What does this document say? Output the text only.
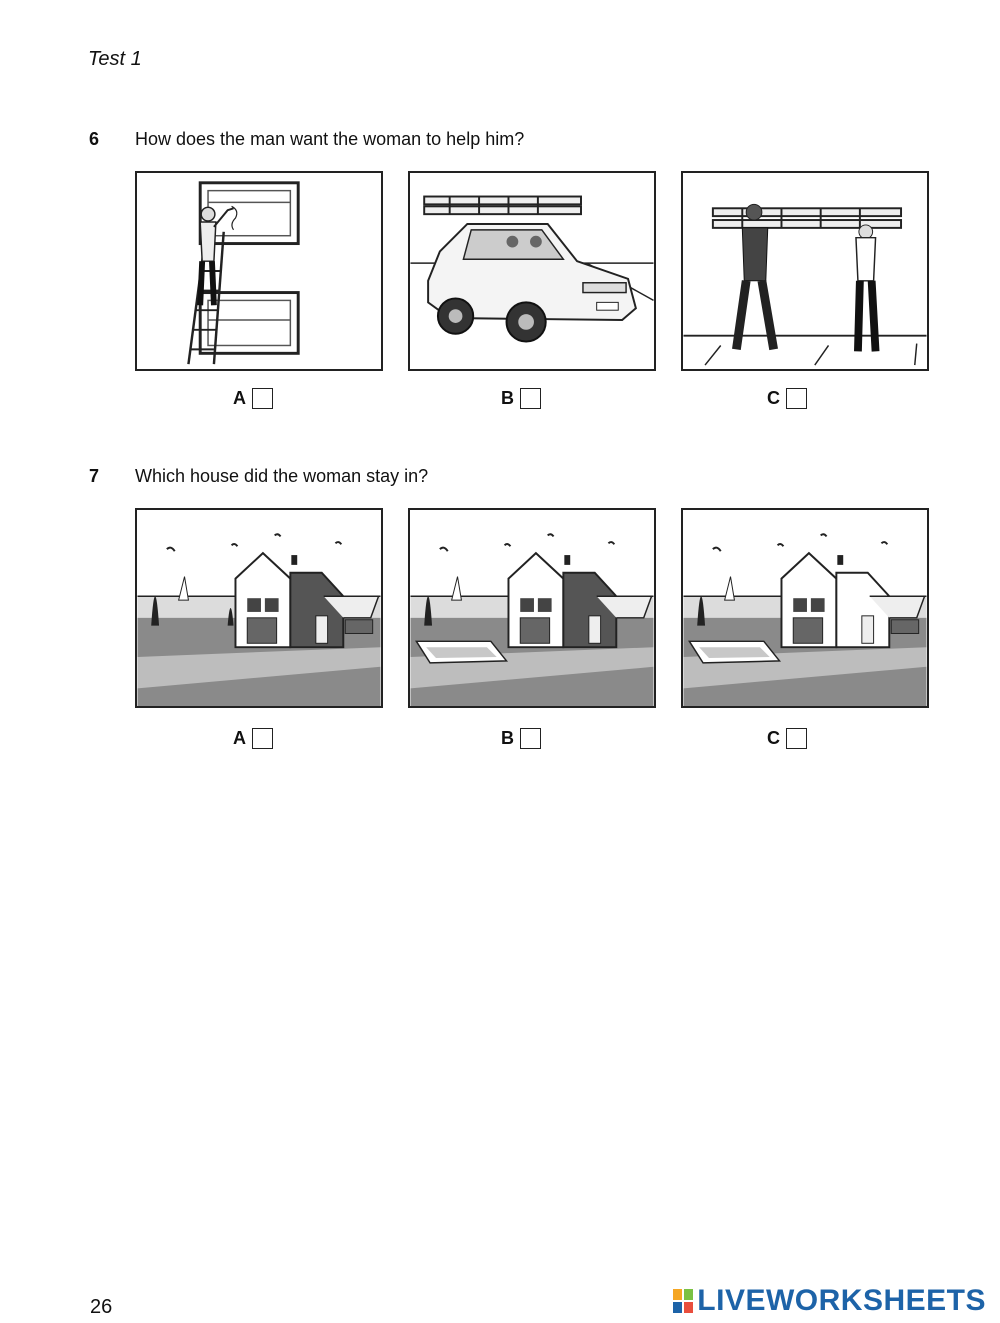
Test 1
6 How does the man want the woman to help him?
A	B	C
7 Which house did the woman stay in?
A	B	C
26	LIVEWORKSHEETS
